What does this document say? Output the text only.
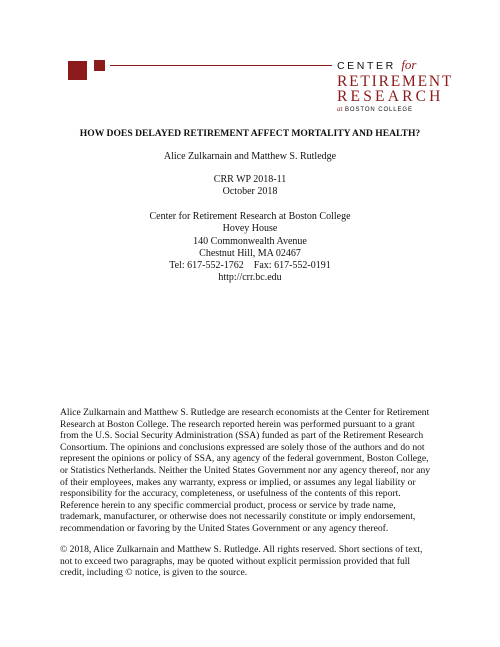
CENTER for
RETIREMENT
RESEARCH
at BOSTON COLLEGE
HOW DOES DELAYED RETIREMENT AFFECT MORTALITY AND HEALTH?
Alice Zulkarnain and Matthew S. Rutledge
CRR WP 2018-11
October 2018
Center for Retirement Research at Boston College
Hovey House
140 Commonwealth Avenue
Chestnut Hill, MA 02467
Tel: 617-552-1762    Fax: 617-552-0191
http://crr.bc.edu
Alice Zulkarnain and Matthew S. Rutledge are research economists at the Center for Retirement
Research at Boston College. The research reported herein was performed pursuant to a grant
from the U.S. Social Security Administration (SSA) funded as part of the Retirement Research
Consortium. The opinions and conclusions expressed are solely those of the authors and do not
represent the opinions or policy of SSA, any agency of the federal government, Boston College,
or Statistics Netherlands. Neither the United States Government nor any agency thereof, nor any
of their employees, makes any warranty, express or implied, or assumes any legal liability or
responsibility for the accuracy, completeness, or usefulness of the contents of this report.
Reference herein to any specific commercial product, process or service by trade name,
trademark, manufacturer, or otherwise does not necessarily constitute or imply endorsement,
recommendation or favoring by the United States Government or any agency thereof.
© 2018, Alice Zulkarnain and Matthew S. Rutledge. All rights reserved. Short sections of text,
not to exceed two paragraphs, may be quoted without explicit permission provided that full
credit, including © notice, is given to the source.
